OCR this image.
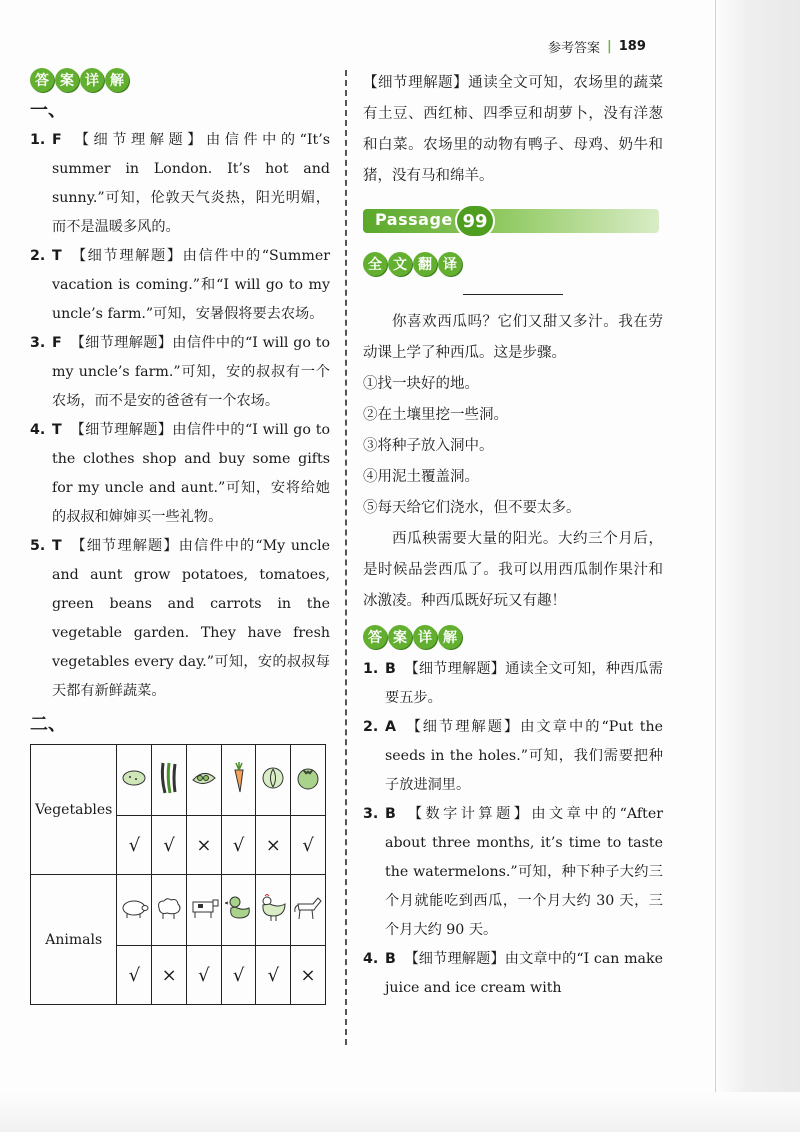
参考答案 | 189
答 案 详 解
一、
1. F 【细节理解题】由信件中的“It’s summer in London. It’s hot and sunny.”可知，伦敦天气炎热，阳光明媚，而不是温暖多风的。
2. T 【细节理解题】由信件中的“Summer vacation is coming.”和“I will go to my uncle’s farm.”可知，安暑假将要去农场。
3. F 【细节理解题】由信件中的“I will go to my uncle’s farm.”可知，安的叔叔有一个农场，而不是安的爸爸有一个农场。
4. T 【细节理解题】由信件中的“I will go to the clothes shop and buy some gifts for my uncle and aunt.”可知，安将给她的叔叔和婶婶买一些礼物。
5. T 【细节理解题】由信件中的“My uncle and aunt grow potatoes, tomatoes, green beans and carrots in the vegetable garden. They have fresh vegetables every day.”可知，安的叔叔每天都有新鲜蔬菜。
二、
Vegetables						
	√	√	×	√	×	√
Animals						
	√	×	√	√	√	×
【细节理解题】通读全文可知，农场里的蔬菜有土豆、西红柿、四季豆和胡萝卜，没有洋葱和白菜。农场里的动物有鸭子、母鸡、奶牛和猪，没有马和绵羊。
Passage 99
全 文 翻 译
你喜欢西瓜吗？它们又甜又多汁。我在劳动课上学了种西瓜。这是步骤。
①找一块好的地。
②在土壤里挖一些洞。
③将种子放入洞中。
④用泥土覆盖洞。
⑤每天给它们浇水，但不要太多。
西瓜秧需要大量的阳光。大约三个月后，是时候品尝西瓜了。我可以用西瓜制作果汁和冰激凌。种西瓜既好玩又有趣！
答 案 详 解
1. B 【细节理解题】通读全文可知，种西瓜需要五步。
2. A 【细节理解题】由文章中的“Put the seeds in the holes.”可知，我们需要把种子放进洞里。
3. B 【数字计算题】由文章中的“After about three months, it’s time to taste the watermelons.”可知，种下种子大约三个月就能吃到西瓜，一个月大约 30 天，三个月大约 90 天。
4. B 【细节理解题】由文章中的“I can make juice and ice cream with
